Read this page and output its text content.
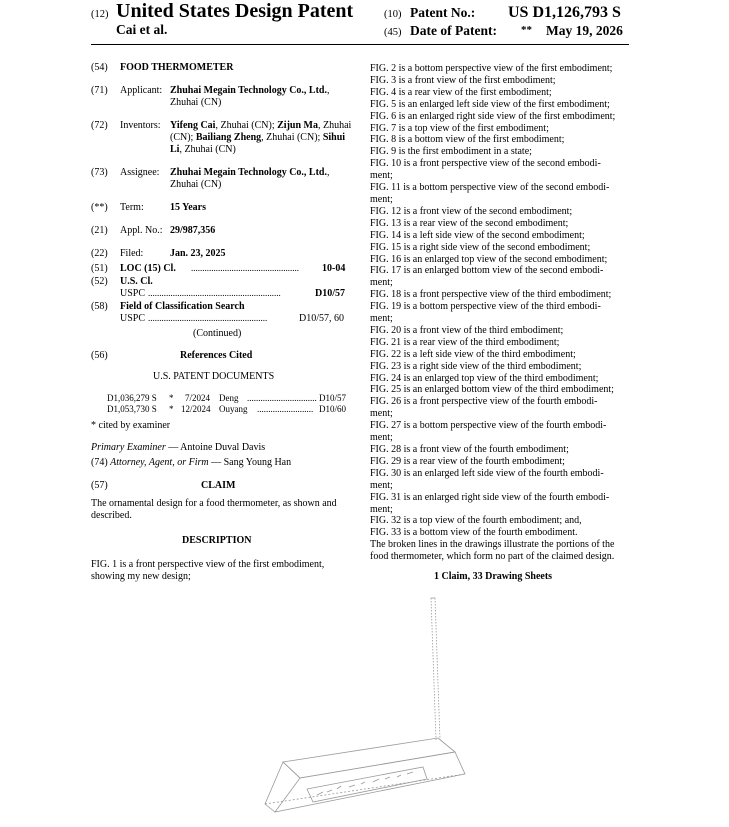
(12) United States Design Patent
Cai et al.
(10) Patent No.: US D1,126,793 S
(45) Date of Patent: ** May 19, 2026
(54)	FOOD THERMOMETER
(71)	Applicant: Zhuhai Megain Technology Co., Ltd., Zhuhai (CN)
(72)	Inventors: Yifeng Cai, Zhuhai (CN); Zijun Ma, Zhuhai (CN); Bailiang Zheng, Zhuhai (CN); Sihui Li, Zhuhai (CN)
(73)	Assignee: Zhuhai Megain Technology Co., Ltd., Zhuhai (CN)
(**)	Term:	15 Years
(21)	Appl. No.: 29/987,356
(22)	Filed:	Jan. 23, 2025
(51)	LOC (15) Cl. ................................................	10-04
(52)	U.S. Cl.
USPC ...........................................................	D10/57
(58)	Field of Classification Search
USPC .....................................................	D10/57, 60
(Continued)
(56)	References Cited
U.S. PATENT DOCUMENTS
D1,036,279 S * 7/2024 Deng ............................... D10/57
D1,053,730 S * 12/2024 Ouyang ......................... D10/60
* cited by examiner
Primary Examiner — Antoine Duval Davis
(74) Attorney, Agent, or Firm — Sang Young Han
(57)	CLAIM
The ornamental design for a food thermometer, as shown and described.
DESCRIPTION
FIG. 1 is a front perspective view of the first embodiment, showing my new design;
FIG. 2 is a bottom perspective view of the first embodiment;
FIG. 3 is a front view of the first embodiment;
FIG. 4 is a rear view of the first embodiment;
FIG. 5 is an enlarged left side view of the first embodiment;
FIG. 6 is an enlarged right side view of the first embodiment;
FIG. 7 is a top view of the first embodiment;
FIG. 8 is a bottom view of the first embodiment;
FIG. 9 is the first embodiment in a state;
FIG. 10 is a front perspective view of the second embodi-
ment;
FIG. 11 is a bottom perspective view of the second embodi-
ment;
FIG. 12 is a front view of the second embodiment;
FIG. 13 is a rear view of the second embodiment;
FIG. 14 is a left side view of the second embodiment;
FIG. 15 is a right side view of the second embodiment;
FIG. 16 is an enlarged top view of the second embodiment;
FIG. 17 is an enlarged bottom view of the second embodi-
ment;
FIG. 18 is a front perspective view of the third embodiment;
FIG. 19 is a bottom perspective view of the third embodi-
ment;
FIG. 20 is a front view of the third embodiment;
FIG. 21 is a rear view of the third embodiment;
FIG. 22 is a left side view of the third embodiment;
FIG. 23 is a right side view of the third embodiment;
FIG. 24 is an enlarged top view of the third embodiment;
FIG. 25 is an enlarged bottom view of the third embodiment;
FIG. 26 is a front perspective view of the fourth embodi-
ment;
FIG. 27 is a bottom perspective view of the fourth embodi-
ment;
FIG. 28 is a front view of the fourth embodiment;
FIG. 29 is a rear view of the fourth embodiment;
FIG. 30 is an enlarged left side view of the fourth embodi-
ment;
FIG. 31 is an enlarged right side view of the fourth embodi-
ment;
FIG. 32 is a top view of the fourth embodiment; and,
FIG. 33 is a bottom view of the fourth embodiment.
The broken lines in the drawings illustrate the portions of the
food thermometer, which form no part of the claimed design.
1 Claim, 33 Drawing Sheets
